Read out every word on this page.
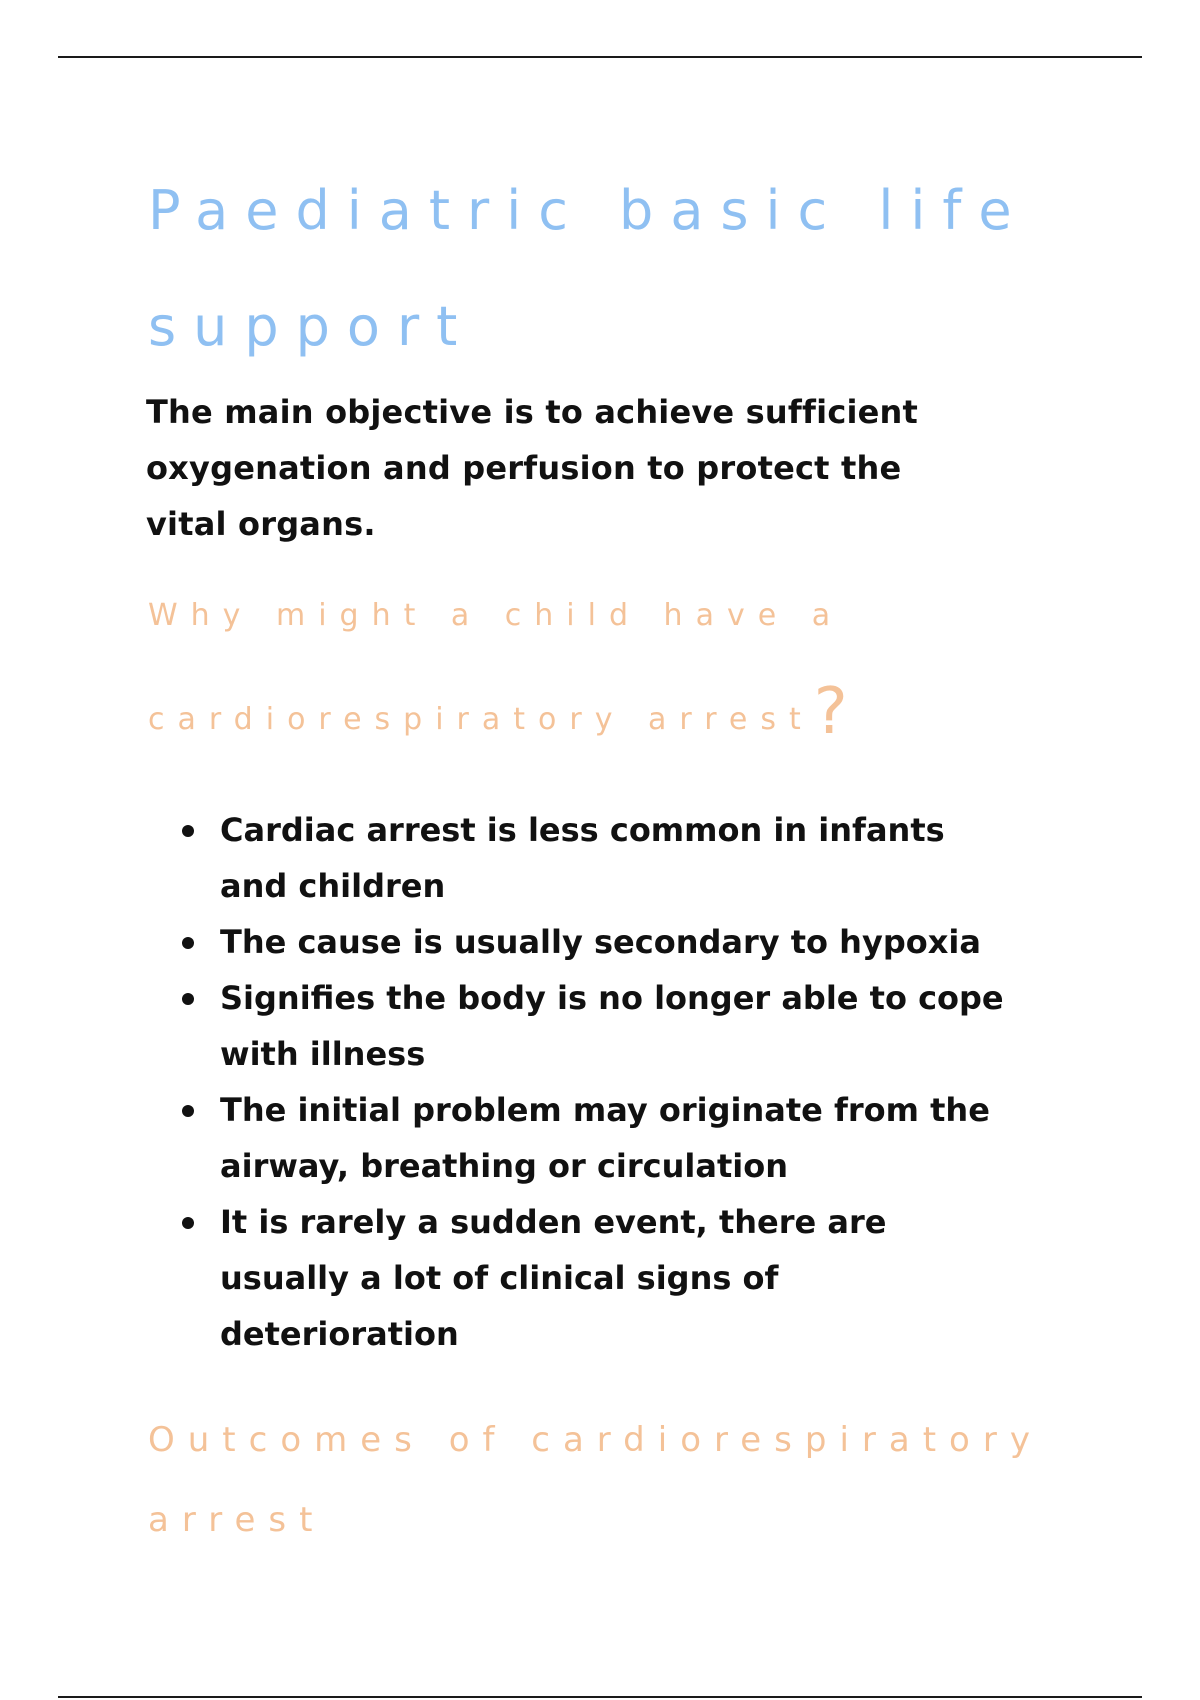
Paediatric basic life
support

The main objective is to achieve sufficient oxygenation and perfusion to protect the vital organs.

Why might a child have a
cardiorespiratory arrest?
Cardiac arrest is less common in infants and children
The cause is usually secondary to hypoxia
Signifies the body is no longer able to cope with illness
The initial problem may originate from the airway, breathing or circulation
It is rarely a sudden event, there are usually a lot of clinical signs of deterioration
Outcomes of cardiorespiratory
arrest
